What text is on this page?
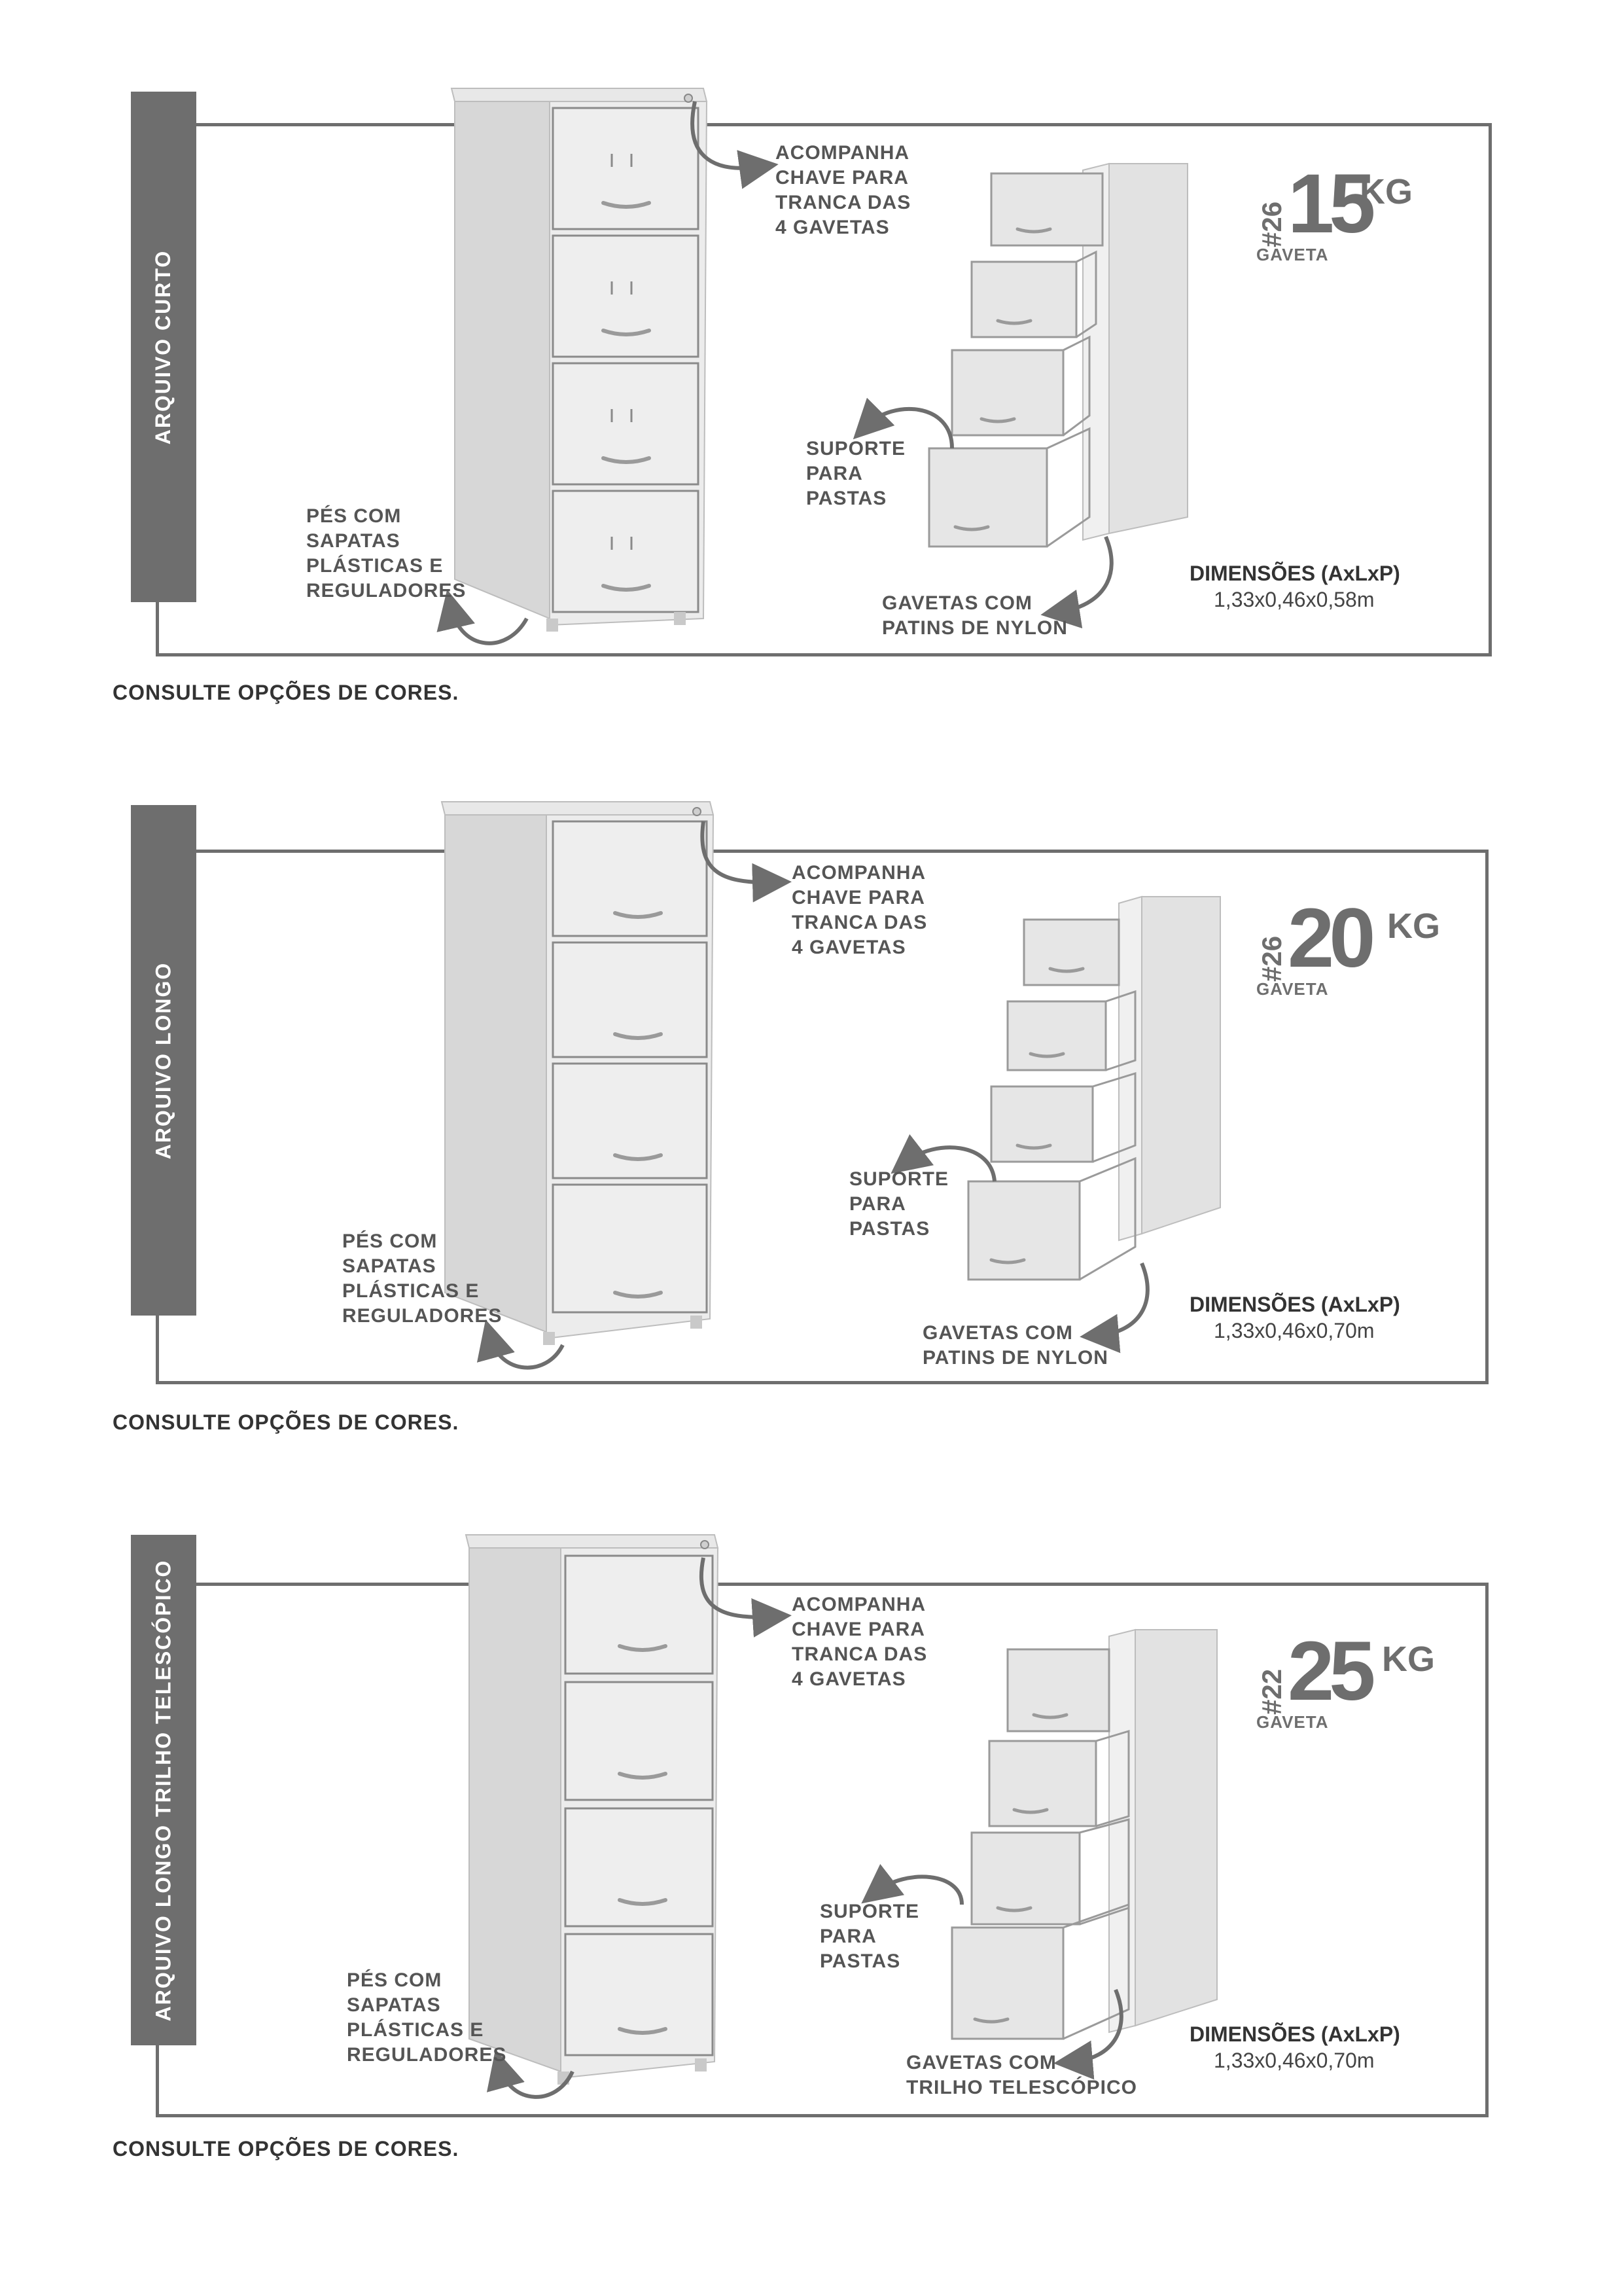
ARQUIVO CURTO
ACOMPANHA
CHAVE PARA
TRANCA DAS
4 GAVETAS
PÉS COM
SAPATAS
PLÁSTICAS E
REGULADORES
SUPORTE
PARA
PASTAS
GAVETAS COM
PATINS DE NYLON
#26 15
KG
GAVETA
DIMENSÕES (AxLxP)
1,33x0,46x0,58m
CONSULTE OPÇÕES DE CORES.
ARQUIVO LONGO
ACOMPANHA
CHAVE PARA
TRANCA DAS
4 GAVETAS
PÉS COM
SAPATAS
PLÁSTICAS E
REGULADORES
SUPORTE
PARA
PASTAS
GAVETAS COM
PATINS DE NYLON
#26 20 KG
GAVETA
DIMENSÕES (AxLxP)
1,33x0,46x0,70m
CONSULTE OPÇÕES DE CORES.
ARQUIVO LONGO TRILHO TELESCÓPICO	ACOMPANHA
CHAVE PARA
TRANCA DAS
4 GAVETAS
PÉS COM
SAPATAS
PLÁSTICAS E
REGULADORES
SUPORTE
PARA
PASTAS
GAVETAS COM
TRILHO TELESCÓPICO
#22 25 KG
GAVETA
DIMENSÕES (AxLxP)
1,33x0,46x0,70m
CONSULTE OPÇÕES DE CORES.
